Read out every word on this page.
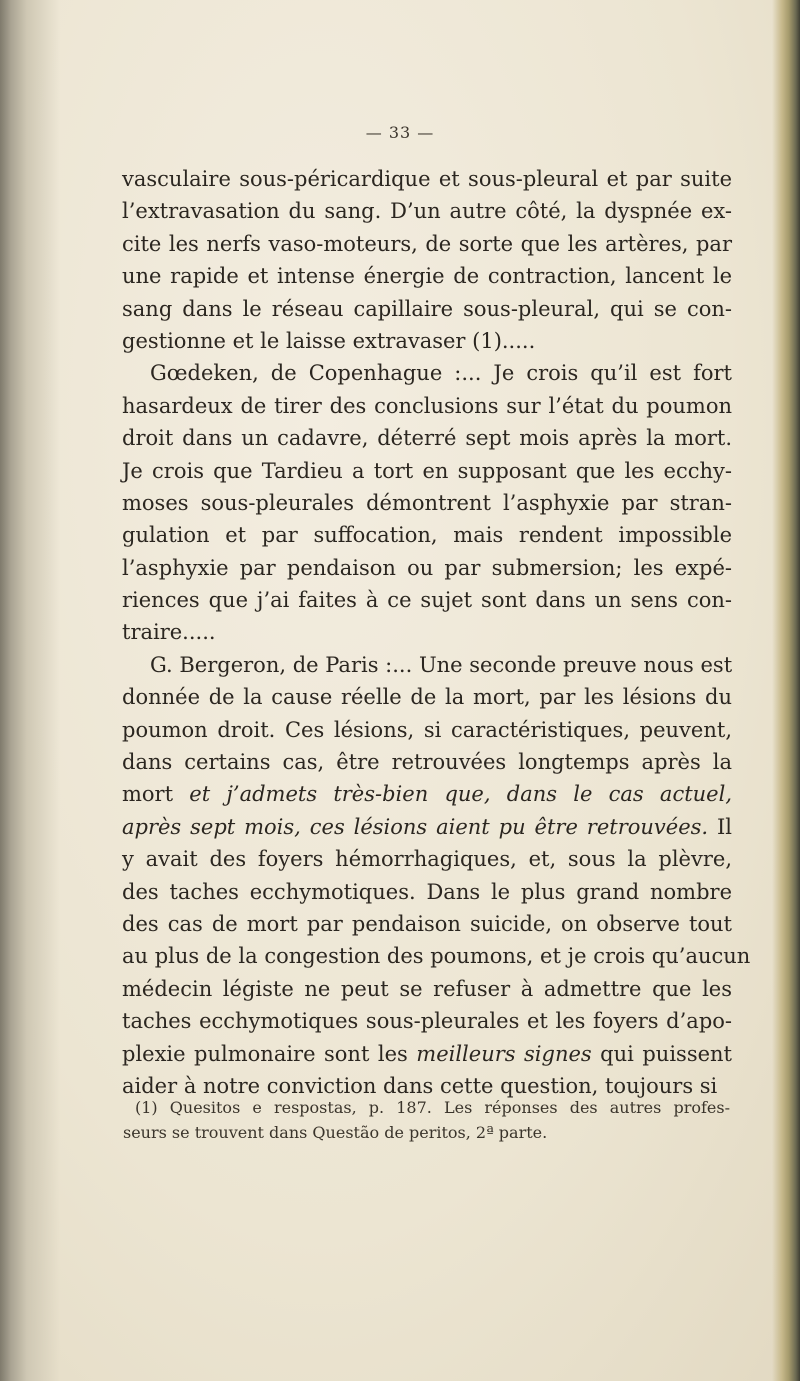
— 33 —
vasculaire sous-péricardique et sous-pleural et par suite
l’extravasation du sang. D’un autre côté, la dyspnée ex-
cite les nerfs vaso-moteurs, de sorte que les artères, par
une rapide et intense énergie de contraction, lancent le
sang dans le réseau capillaire sous-pleural, qui se con-
gestionne et le laisse extravaser (1).....
Gœdeken, de Copenhague :... Je crois qu’il est fort
hasardeux de tirer des conclusions sur l’état du poumon
droit dans un cadavre, déterré sept mois après la mort.
Je crois que Tardieu a tort en supposant que les ecchy-
moses sous-pleurales démontrent l’asphyxie par stran-
gulation et par suffocation, mais rendent impossible
l’asphyxie par pendaison ou par submersion; les expé-
riences que j’ai faites à ce sujet sont dans un sens con-
traire.....
G. Bergeron, de Paris :... Une seconde preuve nous est
donnée de la cause réelle de la mort, par les lésions du
poumon droit. Ces lésions, si caractéristiques, peuvent,
dans certains cas, être retrouvées longtemps après la
mort et j’admets très-bien que, dans le cas actuel,
après sept mois, ces lésions aient pu être retrouvées. Il
y avait des foyers hémorrhagiques, et, sous la plèvre,
des taches ecchymotiques. Dans le plus grand nombre
des cas de mort par pendaison suicide, on observe tout
au plus de la congestion des poumons, et je crois qu’aucun
médecin légiste ne peut se refuser à admettre que les
taches ecchymotiques sous-pleurales et les foyers d’apo-
plexie pulmonaire sont les meilleurs signes qui puissent
aider à notre conviction dans cette question, toujours si
(1) Quesitos e respostas, p. 187. Les réponses des autres profes-
seurs se trouvent dans Questão de peritos, 2ª parte.
